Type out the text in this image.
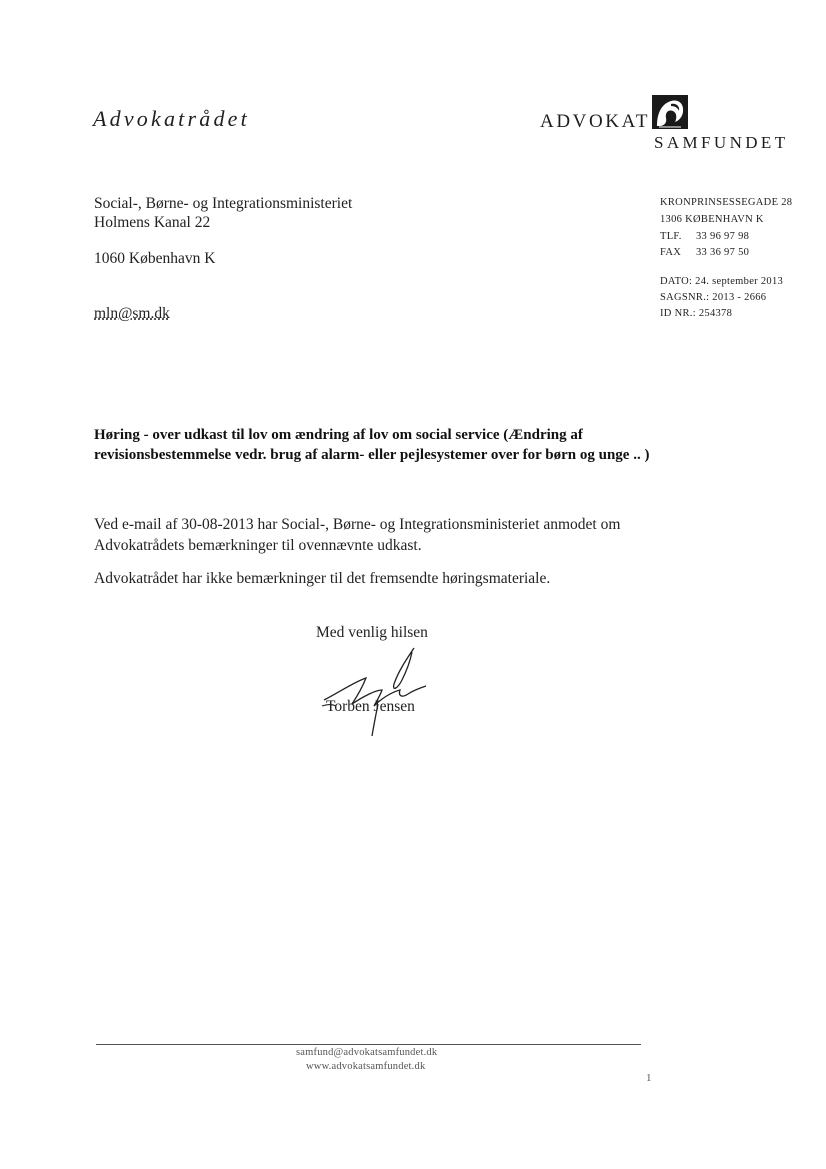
Advokatrådet	ADVOKAT
SAMFUNDET
Social-, Børne- og Integrationsministeriet
Holmens Kanal 22
1060 København K
mln@sm.dk
KRONPRINSESSEGADE 28
1306 KØBENHAVN K
TLF. 33 96 97 98
FAX 33 36 97 50
DATO: 24. september 2013
SAGSNR.: 2013 - 2666
ID NR.: 254378
Høring - over udkast til lov om ændring af lov om social service (Ændring af revisionsbestemmelse vedr. brug af alarm- eller pejlesystemer over for børn og unge .. )
Ved e-mail af 30-08-2013 har Social-, Børne- og Integrationsministeriet anmodet om Advokatrådets bemærkninger til ovennævnte udkast.
Advokatrådet har ikke bemærkninger til det fremsendte høringsmateriale.
Med venlig hilsen
Torben Jensen
samfund@advokatsamfundet.dk
www.advokatsamfundet.dk
1
